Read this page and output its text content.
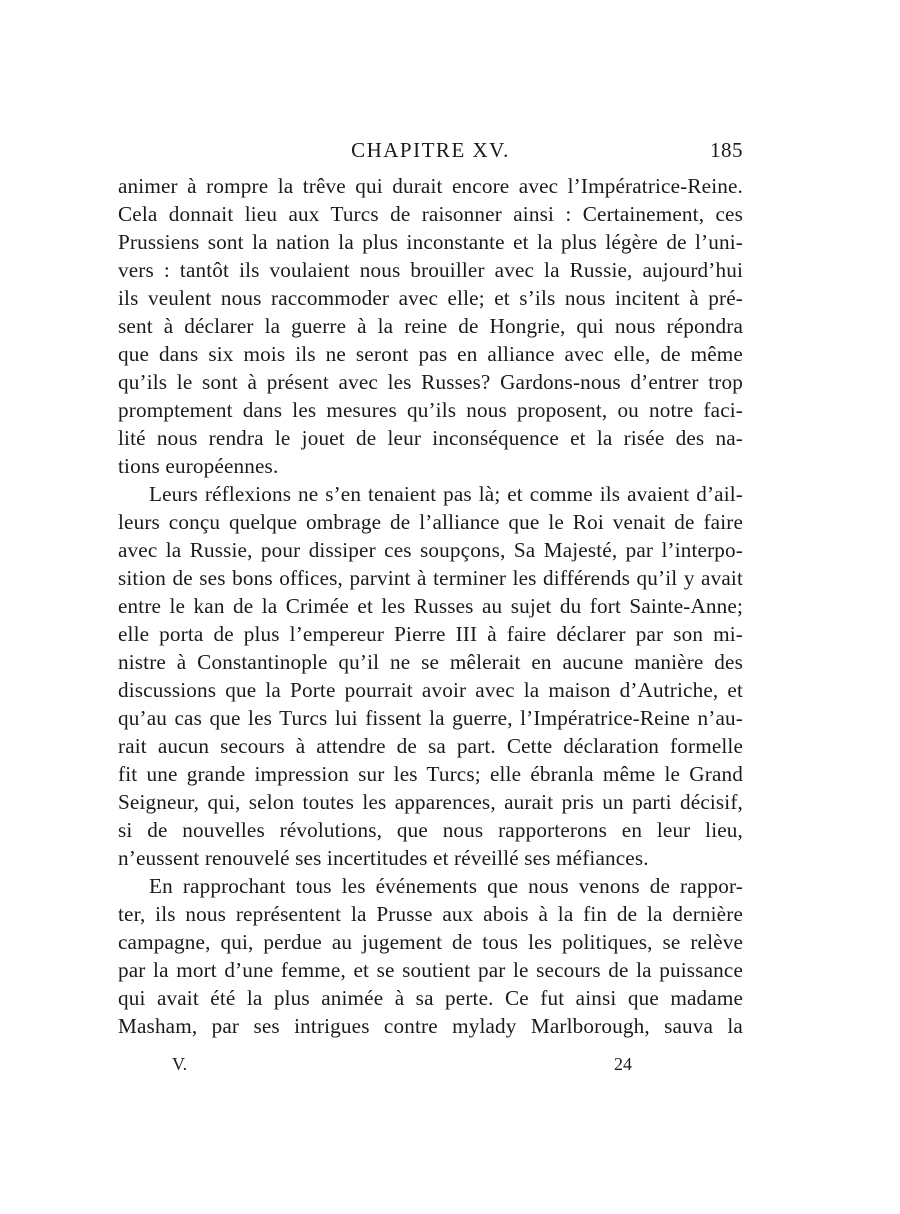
CHAPITRE XV.	185
animer à rompre la trêve qui durait encore avec l’Impératrice-Reine.
Cela donnait lieu aux Turcs de raisonner ainsi : Certainement, ces
Prussiens sont la nation la plus inconstante et la plus légère de l’uni-
vers : tantôt ils voulaient nous brouiller avec la Russie, aujourd’hui
ils veulent nous raccommoder avec elle; et s’ils nous incitent à pré-
sent à déclarer la guerre à la reine de Hongrie, qui nous répondra
que dans six mois ils ne seront pas en alliance avec elle, de même
qu’ils le sont à présent avec les Russes? Gardons-nous d’entrer trop
promptement dans les mesures qu’ils nous proposent, ou notre faci-
lité nous rendra le jouet de leur inconséquence et la risée des na-
tions européennes.
Leurs réflexions ne s’en tenaient pas là; et comme ils avaient d’ail-
leurs conçu quelque ombrage de l’alliance que le Roi venait de faire
avec la Russie, pour dissiper ces soupçons, Sa Majesté, par l’interpo-
sition de ses bons offices, parvint à terminer les différends qu’il y avait
entre le kan de la Crimée et les Russes au sujet du fort Sainte-Anne;
elle porta de plus l’empereur Pierre III à faire déclarer par son mi-
nistre à Constantinople qu’il ne se mêlerait en aucune manière des
discussions que la Porte pourrait avoir avec la maison d’Autriche, et
qu’au cas que les Turcs lui fissent la guerre, l’Impératrice-Reine n’au-
rait aucun secours à attendre de sa part. Cette déclaration formelle
fit une grande impression sur les Turcs; elle ébranla même le Grand
Seigneur, qui, selon toutes les apparences, aurait pris un parti décisif,
si de nouvelles révolutions, que nous rapporterons en leur lieu,
n’eussent renouvelé ses incertitudes et réveillé ses méfiances.
En rapprochant tous les événements que nous venons de rappor-
ter, ils nous représentent la Prusse aux abois à la fin de la dernière
campagne, qui, perdue au jugement de tous les politiques, se relève
par la mort d’une femme, et se soutient par le secours de la puissance
qui avait été la plus animée à sa perte. Ce fut ainsi que madame
Masham, par ses intrigues contre mylady Marlborough, sauva la
V.	24
